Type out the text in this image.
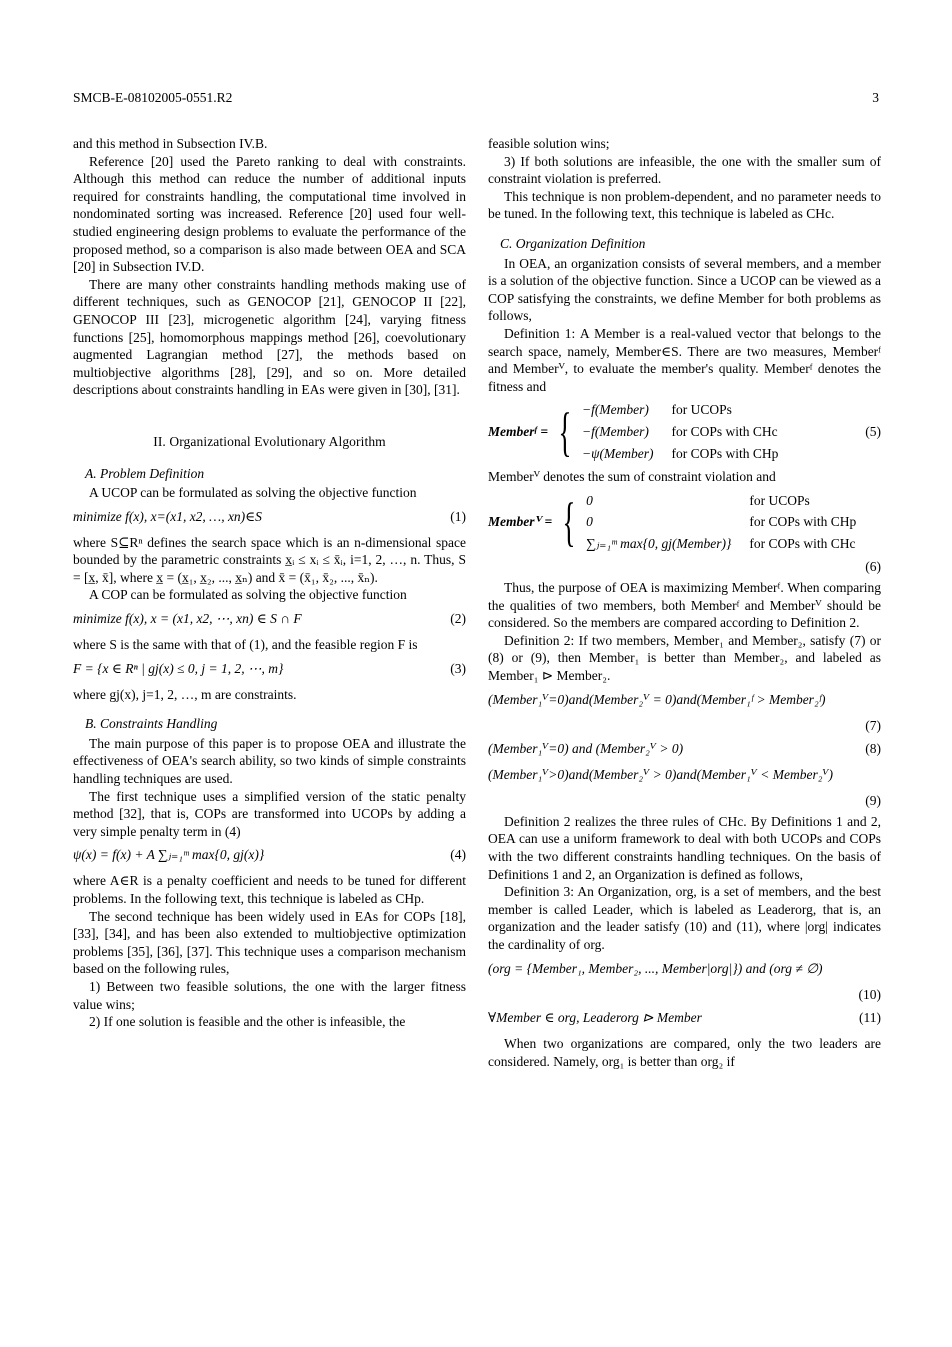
SMCB-E-08102005-0551.R2	3

and this method in Subsection IV.B.

Reference [20] used the Pareto ranking to deal with constraints. Although this method can reduce the number of additional inputs required for constraints handling, the computational time involved in nondominated sorting was increased. Reference [20] used four well-studied engineering design problems to evaluate the performance of the proposed method, so a comparison is also made between OEA and SCA [20] in Subsection IV.D.

There are many other constraints handling methods making use of different techniques, such as GENOCOP [21], GENOCOP II [22], GENOCOP III [23], microgenetic algorithm [24], varying fitness functions [25], homomorphous mappings method [26], coevolutionary augmented Lagrangian method [27], the methods based on multiobjective algorithms [28], [29], and so on. More detailed descriptions about constraints handling in EAs were given in [30], [31].

II. Organizational Evolutionary Algorithm
A. Problem Definition

A UCOP can be formulated as solving the objective function

minimize f(x), x=(x1, x2, …, xn)∈S	(1)

where S⊆Rⁿ defines the search space which is an n-dimensional space bounded by the parametric constraints x̲ᵢ ≤ xᵢ ≤ x̄ᵢ, i=1, 2, …, n. Thus, S = [x̲, x̄], where x̲ = (x̲₁, x̲₂, ..., x̲ₙ) and x̄ = (x̄₁, x̄₂, ..., x̄ₙ).

A COP can be formulated as solving the objective function

minimize f(x), x = (x1, x2, ⋯, xn) ∈ S ∩ F	(2)

where S is the same with that of (1), and the feasible region F is

F = {x ∈ Rⁿ | gj(x) ≤ 0, j = 1, 2, ⋯, m}	(3)

where gj(x), j=1, 2, …, m are constraints.

B. Constraints Handling

The main purpose of this paper is to propose OEA and illustrate the effectiveness of OEA's search ability, so two kinds of simple constraints handling techniques are used.

The first technique uses a simplified version of the static penalty method [32], that is, COPs are transformed into UCOPs by adding a very simple penalty term in (4)

ψ(x) = f(x) + A ∑ⱼ₌₁ᵐ max{0, gj(x)}	(4)

where A∈R is a penalty coefficient and needs to be tuned for different problems. In the following text, this technique is labeled as CHp.

The second technique has been widely used in EAs for COPs [18], [33], [34], and has been also extended to multiobjective optimization problems [35], [36], [37]. This technique uses a comparison mechanism based on the following rules,

1) Between two feasible solutions, the one with the larger fitness value wins;

2) If one solution is feasible and the other is infeasible, the

feasible solution wins;

3) If both solutions are infeasible, the one with the smaller sum of constraint violation is preferred.

This technique is non problem-dependent, and no parameter needs to be tuned. In the following text, this technique is labeled as CHc.

C. Organization Definition

In OEA, an organization consists of several members, and a member is a solution of the objective function. Since a UCOP can be viewed as a COP satisfying the constraints, we define Member for both problems as follows,

Definition 1: A Member is a real-valued vector that belongs to the search space, namely, Member∈S. There are two measures, Memberᶠ and Memberⱽ, to evaluate the member's quality. Memberᶠ denotes the fitness and

Memberᶠ = { −f(Member)	for UCOPs
−f(Member)	for COPs with CHc
−ψ(Member) for COPs with CHp
(5)

Memberⱽ denotes the sum of constraint violation and

Memberⱽ = { 0	for UCOPs
0	for COPs with CHp
∑ⱼ₌₁ᵐ max{0, gj(Member)} for COPs with CHc
(6)

Thus, the purpose of OEA is maximizing Memberᶠ. When comparing the qualities of two members, both Memberᶠ and Memberⱽ should be considered. So the members are compared according to Definition 2.

Definition 2: If two members, Member₁ and Member₂, satisfy (7) or (8) or (9), then Member₁ is better than Member₂, and labeled as Member₁ ⊳ Member₂.

(Member₁ⱽ=0)and(Member₂ⱽ = 0)and(Member₁ᶠ > Member₂ᶠ)
(7)
(Member₁ⱽ=0) and (Member₂ⱽ > 0)	(8)
(Member₁ⱽ>0)and(Member₂ⱽ > 0)and(Member₁ⱽ < Member₂ⱽ)
(9)

Definition 2 realizes the three rules of CHc. By Definitions 1 and 2, OEA can use a uniform framework to deal with both UCOPs and COPs with the two different constraints handling techniques. On the basis of Definitions 1 and 2, an Organization is defined as follows,

Definition 3: An Organization, org, is a set of members, and the best member is called Leader, which is labeled as Leaderorg, that is, an organization and the leader satisfy (10) and (11), where |org| indicates the cardinality of org.

(org = {Member₁, Member₂, ..., Member|org|}) and (org ≠ ∅)
(10)
∀Member ∈ org, Leaderorg ⊳ Member	(11)

When two organizations are compared, only the two leaders are considered. Namely, org₁ is better than org₂ if
